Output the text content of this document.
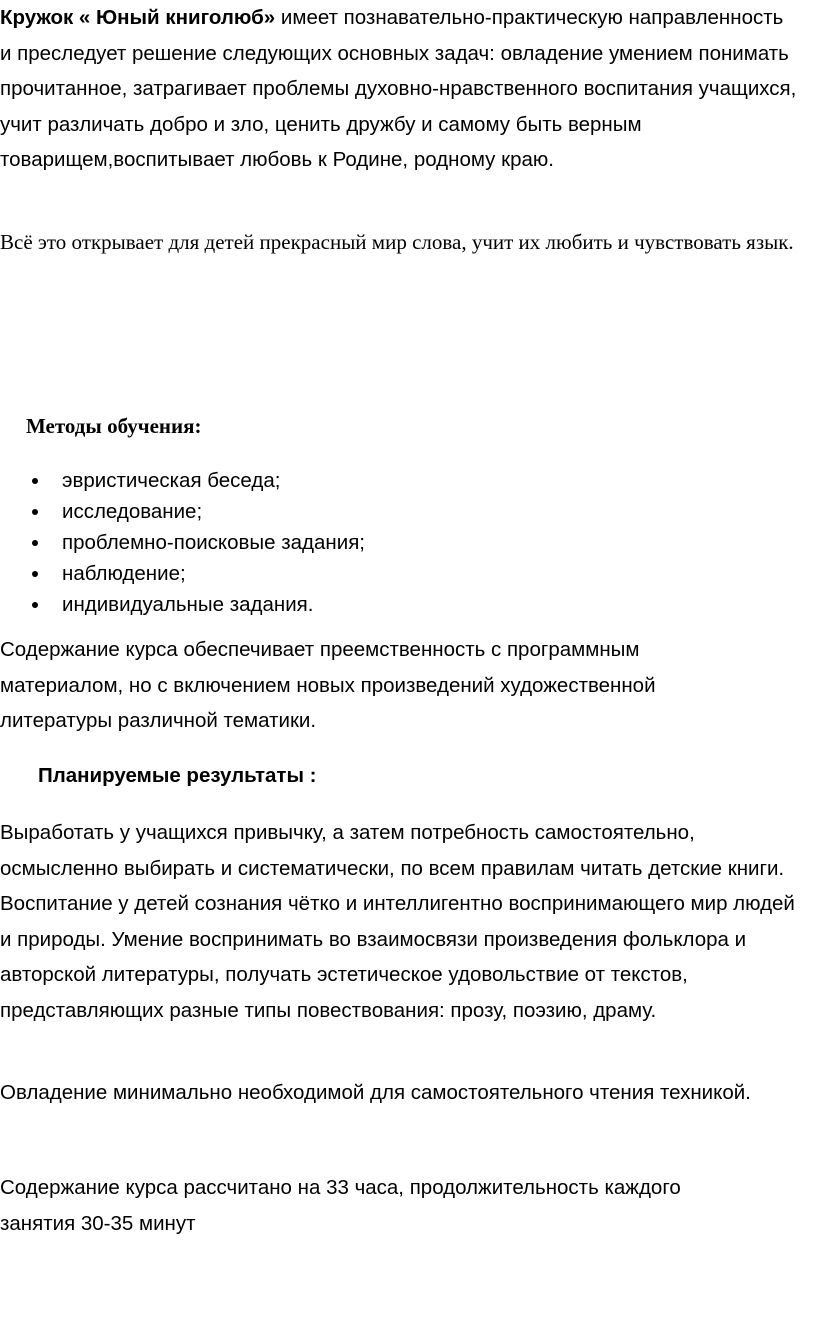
Кружок « Юный книголюб» имеет познавательно-практическую направленность и преследует решение следующих основных задач: овладение умением понимать прочитанное, затрагивает проблемы духовно-нравственного воспитания учащихся, учит различать добро и зло, ценить дружбу и самому быть верным товарищем,воспитывает любовь к Родине, родному краю.

Всё это открывает для детей прекрасный мир слова, учит их любить и чувствовать язык.

Методы обучения:
эвристическая беседа;
исследование;
проблемно-поисковые задания;
наблюдение;
индивидуальные задания.

Содержание курса обеспечивает преемственность с программным материалом, но с включением новых произведений художественной литературы различной тематики.

Планируемые результаты :

Выработать у учащихся привычку, а затем потребность самостоятельно, осмысленно выбирать и систематически, по всем правилам читать детские книги. Воспитание у детей сознания чётко и интеллигентно воспринимающего мир людей и природы. Умение воспринимать во взаимосвязи произведения фольклора и авторской литературы, получать эстетическое удовольствие от текстов, представляющих разные типы повествования: прозу, поэзию, драму.

Овладение минимально необходимой для самостоятельного чтения техникой.

Содержание курса рассчитано на 33 часа, продолжительность каждого занятия 30-35 минут
